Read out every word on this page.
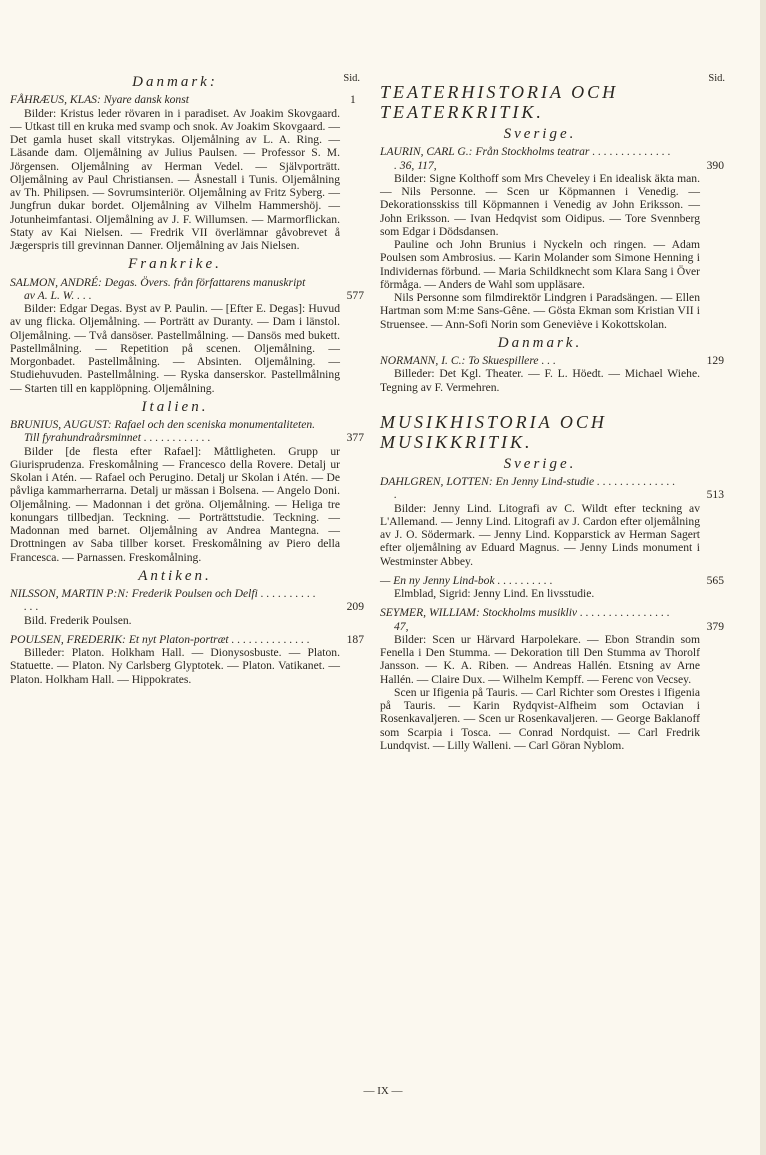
Sid.
Danmark:
FÅHRÆUS, KLAS: Nyare dansk konst	1
Bilder: Kristus leder rövaren in i paradiset. Av Joakim Skovgaard. — Utkast till en kruka med svamp och snok. Av Joakim Skovgaard. — Det gamla huset skall vitstrykas. Oljemålning av L. A. Ring. — Läsande dam. Oljemålning av Julius Paulsen. — Professor S. M. Jörgensen. Oljemålning av Herman Vedel. — Självporträtt. Oljemålning av Paul Christiansen. — Åsnestall i Tunis. Oljemålning av Th. Philipsen. — Sovrumsinteriör. Oljemålning av Fritz Syberg. — Jungfrun dukar bordet. Oljemålning av Vilhelm Hammershöj. — Jotunheimfantasi. Oljemålning av J. F. Willumsen. — Marmorflickan. Staty av Kai Nielsen. — Fredrik VII överlämnar gåvobrevet å Jægerspris till grevinnan Danner. Oljemålning av Jais Nielsen.
Frankrike.
SALMON, ANDRÉ: Degas. Övers. från författarens manuskript av A. L. W. . . .	577
Bilder: Edgar Degas. Byst av P. Paulin. — [Efter E. Degas]: Huvud av ung flicka. Oljemålning. — Porträtt av Duranty. — Dam i länstol. Oljemålning. — Två dansöser. Pastellmålning. — Dansös med bukett. Pastellmålning. — Repetition på scenen. Oljemålning. — Morgonbadet. Pastellmålning. — Absinten. Oljemålning. — Studiehuvuden. Pastellmålning. — Ryska danserskor. Pastellmålning — Starten till en kapplöpning. Oljemålning.
Italien.
BRUNIUS, AUGUST: Rafael och den sceniska monumentaliteten. Till fyrahundraårsminnet . . . . . . . . . . . .	377
Bilder [de flesta efter Rafael]: Måttligheten. Grupp ur Giurisprudenza. Freskomålning — Francesco della Rovere. Detalj ur Skolan i Atén. — Rafael och Perugino. Detalj ur Skolan i Atén. — De påvliga kammarherrarna. Detalj ur mässan i Bolsena. — Angelo Doni. Oljemålning. — Madonnan i det gröna. Oljemålning. — Heliga tre konungars tillbedjan. Teckning. — Porträttstudie. Teckning. — Madonnan med barnet. Oljemålning av Andrea Mantegna. — Drottningen av Saba tillber korset. Freskomålning av Piero della Francesca. — Parnassen. Freskomålning.
Antiken.
NILSSON, MARTIN P:N: Frederik Poulsen och Delfi . . . . . . . . . . . . .	209
Bild. Frederik Poulsen.
POULSEN, FREDERIK: Et nyt Platon-portræt . . . . . . . . . . . . . .	187
Billeder: Platon. Holkham Hall. — Dionysosbuste. — Platon. Statuette. — Platon. Ny Carlsberg Glyptotek. — Platon. Vatikanet. — Platon. Holkham Hall. — Hippokrates.
Sid.
TEATERHISTORIA OCH TEATERKRITIK.
Sverige.
LAURIN, CARL G.: Från Stockholms teatrar . . . . . . . . . . . . . . . 36, 117,	390

Bilder: Signe Kolthoff som Mrs Cheveley i En idealisk äkta man. — Nils Personne. — Scen ur Köpmannen i Venedig. — Dekorationsskiss till Köpmannen i Venedig av John Eriksson. — John Eriksson. — Ivan Hedqvist som Oidipus. — Tore Svennberg som Edgar i Dödsdansen.

Pauline och John Brunius i Nyckeln och ringen. — Adam Poulsen som Ambrosius. — Karin Molander som Simone Henning i Individernas förbund. — Maria Schildknecht som Klara Sang i Över förmåga. — Anders de Wahl som uppläsare.

Nils Personne som filmdirektör Lindgren i Paradsängen. — Ellen Hartman som M:me Sans-Gêne. — Gösta Ekman som Kristian VII i Struensee. — Ann-Sofi Norin som Geneviève i Kokottskolan.

Danmark.
NORMANN, I. C.: To Skuespillere . . .	129

Billeder: Det Kgl. Theater. — F. L. Höedt. — Michael Wiehe. Tegning av F. Vermehren.

MUSIKHISTORIA OCH MUSIKKRITIK.
Sverige.
DAHLGREN, LOTTEN: En Jenny Lind-studie . . . . . . . . . . . . . . .	513

Bilder: Jenny Lind. Litografi av C. Wildt efter teckning av L'Allemand. — Jenny Lind. Litografi av J. Cardon efter oljemålning av J. O. Södermark. — Jenny Lind. Kopparstick av Herman Sagert efter oljemålning av Eduard Magnus. — Jenny Linds monument i Westminster Abbey.

— En ny Jenny Lind-bok . . . . . . . . . .	565

Elmblad, Sigrid: Jenny Lind. En livsstudie.

SEYMER, WILLIAM: Stockholms musikliv . . . . . . . . . . . . . . . . 47,	379

Bilder: Scen ur Härvard Harpolekare. — Ebon Strandin som Fenella i Den Stumma. — Dekoration till Den Stumma av Thorolf Jansson. — K. A. Riben. — Andreas Hallén. Etsning av Arne Hallén. — Claire Dux. — Wilhelm Kempff. — Ferenc von Vecsey.

Scen ur Ifigenia på Tauris. — Carl Richter som Orestes i Ifigenia på Tauris. — Karin Rydqvist-Alfheim som Octavian i Rosenkavaljeren. — Scen ur Rosenkavaljeren. — George Baklanoff som Scarpia i Tosca. — Conrad Nordquist. — Carl Fredrik Lundqvist. — Lilly Walleni. — Carl Göran Nyblom.

— IX —
